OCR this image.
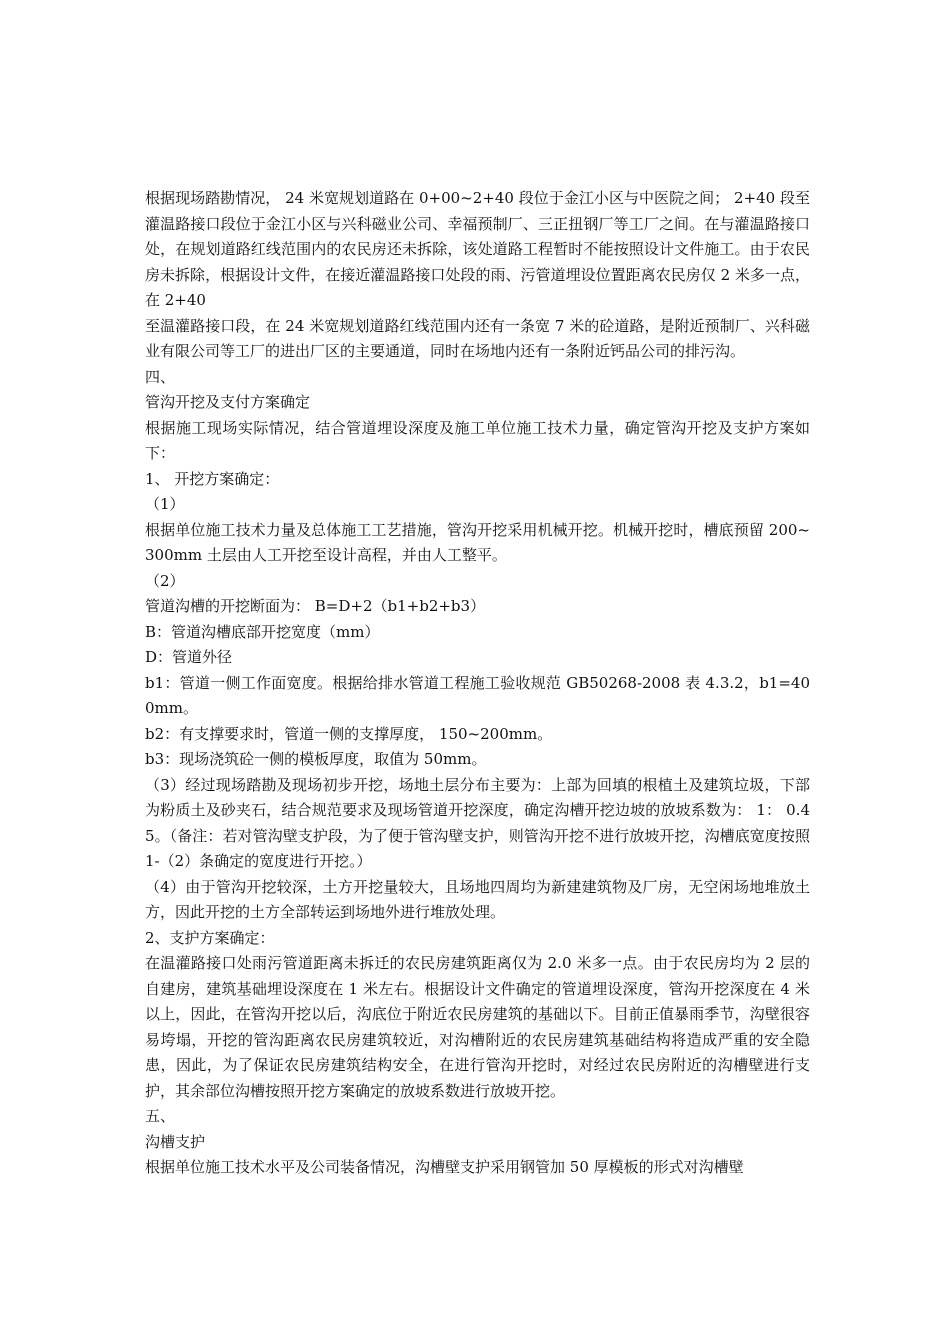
根据现场踏勘情况， 24 米宽规划道路在 0+00~2+40 段位于金江小区与中医院之间； 2+40 段至灌温路接口段位于金江小区与兴科磁业公司、幸福预制厂、三正扭钢厂等工厂之间。在与灌温路接口处，在规划道路红线范围内的农民房还未拆除，该处道路工程暂时不能按照设计文件施工。由于农民房未拆除，根据设计文件，在接近灌温路接口处段的雨、污管道埋设位置距离农民房仅 2 米多一点，在 2+40

至温灌路接口段，在 24 米宽规划道路红线范围内还有一条宽 7 米的砼道路，是附近预制厂、兴科磁业有限公司等工厂的进出厂区的主要通道，同时在场地内还有一条附近钙品公司的排污沟。

四、

管沟开挖及支付方案确定

根据施工现场实际情况，结合管道埋设深度及施工单位施工技术力量，确定管沟开挖及支护方案如下：

1、 开挖方案确定：

（1）

根据单位施工技术力量及总体施工工艺措施，管沟开挖采用机械开挖。机械开挖时，槽底预留 200~300mm 土层由人工开挖至设计高程，并由人工整平。

（2）

管道沟槽的开挖断面为： B=D+2（b1+b2+b3）

B：管道沟槽底部开挖宽度（mm）

D：管道外径

b1：管道一侧工作面宽度。根据给排水管道工程施工验收规范 GB50268-2008 表 4.3.2，b1=400mm。

b2：有支撑要求时，管道一侧的支撑厚度， 150~200mm。

b3：现场浇筑砼一侧的模板厚度，取值为 50mm。

（3）经过现场踏勘及现场初步开挖，场地土层分布主要为：上部为回填的根植土及建筑垃圾，下部为粉质土及砂夹石，结合规范要求及现场管道开挖深度，确定沟槽开挖边坡的放坡系数为： 1： 0.45。（备注：若对管沟壁支护段，为了便于管沟壁支护，则管沟开挖不进行放坡开挖，沟槽底宽度按照 1-（2）条确定的宽度进行开挖。）

（4）由于管沟开挖较深，土方开挖量较大，且场地四周均为新建建筑物及厂房，无空闲场地堆放土方，因此开挖的土方全部转运到场地外进行堆放处理。

2、支护方案确定：

在温灌路接口处雨污管道距离未拆迁的农民房建筑距离仅为 2.0 米多一点。由于农民房均为 2 层的自建房，建筑基础埋设深度在 1 米左右。根据设计文件确定的管道埋设深度，管沟开挖深度在 4 米以上，因此，在管沟开挖以后，沟底位于附近农民房建筑的基础以下。目前正值暴雨季节，沟壁很容易垮塌，开挖的管沟距离农民房建筑较近，对沟槽附近的农民房建筑基础结构将造成严重的安全隐患，因此，为了保证农民房建筑结构安全，在进行管沟开挖时，对经过农民房附近的沟槽壁进行支护，其余部位沟槽按照开挖方案确定的放坡系数进行放坡开挖。

五、

沟槽支护

根据单位施工技术水平及公司装备情况，沟槽壁支护采用钢管加 50 厚模板的形式对沟槽壁
